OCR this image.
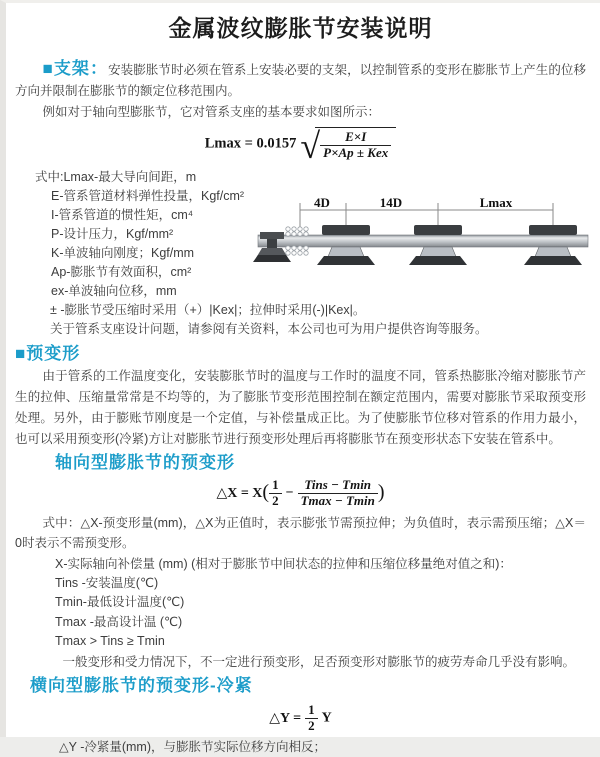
金属波纹膨胀节安装说明

■支架：安装膨胀节时必须在管系上安装必要的支架，以控制管系的变形在膨胀节上产生的位移方向并限制在膨胀节的额定位移范围内。

例如对于轴向型膨胀节，它对管系支座的基本要求如图所示：

Lmax = 0.0157 √ $\frac{E\times I}{\text{P×Ap ± Kex}}$
式中:Lmax-最大导向间距，m
E-管系管道材料弹性投量，Kgf/cm²
I-管系管道的惯性矩，cm⁴
P-设计压力，Kgf/mm²
K-单波轴向刚度；Kgf/mm
Ap-膨胀节有效面积，cm²
ex-单波轴向位移，mm
± -膨胀节受压缩时采用（+）|Kex|；拉伸时采用(-)|Kex|。
关于管系支座设计问题，请参阅有关资料，本公司也可为用户提供咨询等服务。
4D	14D	Lmax
■预变形

由于管系的工作温度变化，安装膨胀节时的温度与工作时的温度不同，管系热膨胀冷缩对膨胀节产生的拉伸、压缩量常常是不均等的，为了膨胀节变形范围控制在额定范围内，需要对膨胀节采取预变形处理。另外，由于膨账节刚度是一个定值，与补偿量成正比。为了使膨胀节位移对管系的作用力最小，也可以采用预变形(冷紧)方让对膨胀节进行预变形处理后再将膨胀节在预变形状态下安装在管系中。

轴向型膨胀节的预变形
△X = $X( \frac{1}{2} - \frac{\text{Tins − Tmin}}{Tmax - Tmin}$ )

式中：△X-预变形量(mm)，△X为正值时，表示膨张节需预拉伸；为负值时，表示需预压缩；△X＝0时表示不需预变形。

X-实际轴向补偿量 (mm) (相对于膨胀节中间状态的拉伸和压缩位移量绝对值之和)：
Tins -安装温度(℃)
Tmin-最低设计温度(℃)
Tmax -最高设计温 (℃)
Tmax > Tins ≥ Tmin
一般变形和受力情况下，不一定进行预变形，足否预变形对膨胀节的疲劳寿命几乎没有影响。
横向型膨胀节的预变形-冷紧
△Y = $\frac{1}{2}$ Y
△Y -冷紧量(mm)，与膨胀节实际位移方向相反；
